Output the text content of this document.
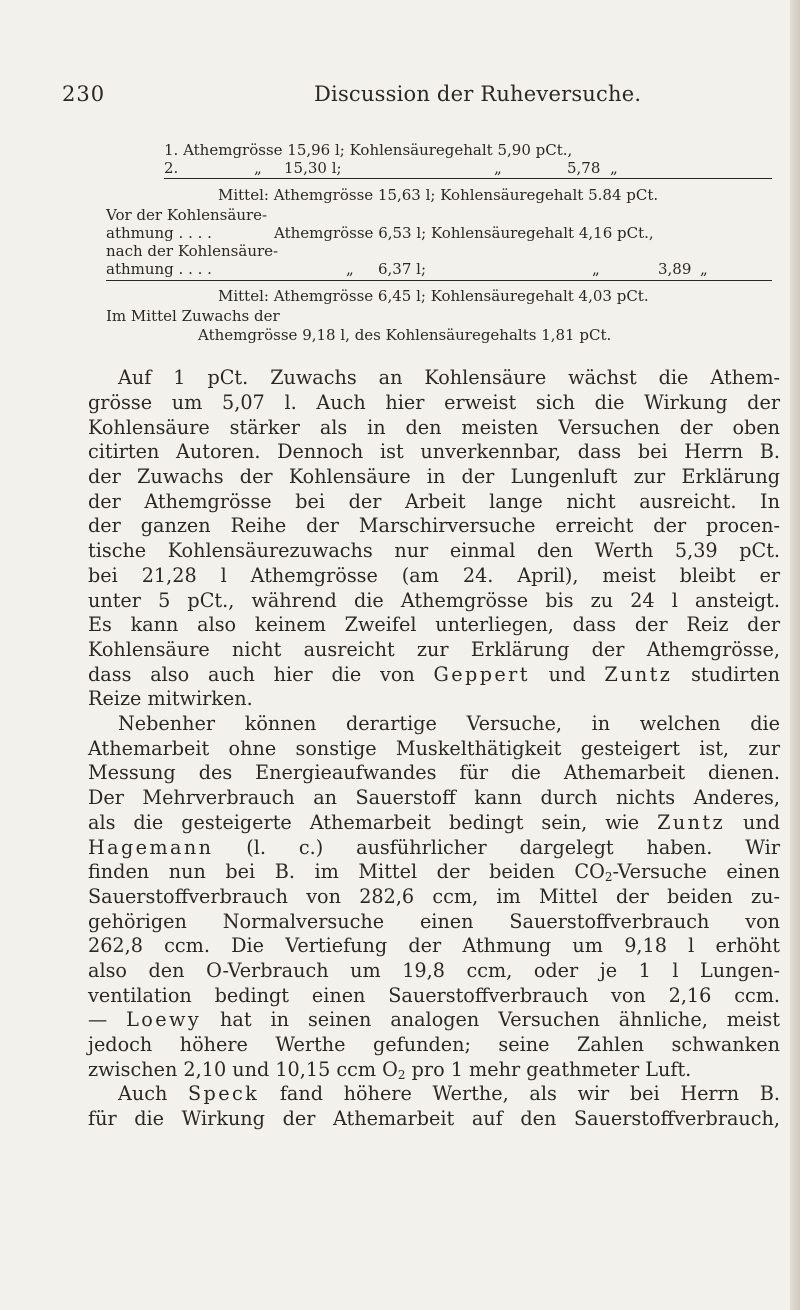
230	Discussion der Ruheversuche.
1. Athemgrösse 15,96 l; Kohlensäuregehalt 5,90 pCt.,
2.	„ 15,30 l;	„	5,78 „
Mittel: Athemgrösse 15,63 l; Kohlensäuregehalt 5.84 pCt.
Vor der Kohlensäure-
athmung . . . .	Athemgrösse 6,53 l; Kohlensäuregehalt 4,16 pCt.,
nach der Kohlensäure-
athmung . . . .	„ 6,37 l;	„	3,89 „
Mittel: Athemgrösse 6,45 l; Kohlensäuregehalt 4,03 pCt.
Im Mittel Zuwachs der
Athemgrösse 9,18 l, des Kohlensäuregehalts 1,81 pCt.
Auf 1 pCt. Zuwachs an Kohlensäure wächst die Athem-
grösse um 5,07 l. Auch hier erweist sich die Wirkung der
Kohlensäure stärker als in den meisten Versuchen der oben
citirten Autoren. Dennoch ist unverkennbar, dass bei Herrn B.
der Zuwachs der Kohlensäure in der Lungenluft zur Erklärung
der Athemgrösse bei der Arbeit lange nicht ausreicht. In
der ganzen Reihe der Marschirversuche erreicht der procen-
tische Kohlensäurezuwachs nur einmal den Werth 5,39 pCt.
bei 21,28 l Athemgrösse (am 24. April), meist bleibt er
unter 5 pCt., während die Athemgrösse bis zu 24 l ansteigt.
Es kann also keinem Zweifel unterliegen, dass der Reiz der
Kohlensäure nicht ausreicht zur Erklärung der Athemgrösse,
dass also auch hier die von Geppert und Zuntz studirten
Reize mitwirken.
Nebenher können derartige Versuche, in welchen die
Athemarbeit ohne sonstige Muskelthätigkeit gesteigert ist, zur
Messung des Energieaufwandes für die Athemarbeit dienen.
Der Mehrverbrauch an Sauerstoff kann durch nichts Anderes,
als die gesteigerte Athemarbeit bedingt sein, wie Zuntz und
Hagemann (l. c.) ausführlicher dargelegt haben. Wir
finden nun bei B. im Mittel der beiden $CO_2$-Versuche einen
Sauerstoffverbrauch von 282,6 ccm, im Mittel der beiden zu-
gehörigen Normalversuche einen Sauerstoffverbrauch von
262,8 ccm. Die Vertiefung der Athmung um 9,18 l erhöht
also den O-Verbrauch um 19,8 ccm, oder je 1 l Lungen-
ventilation bedingt einen Sauerstoffverbrauch von 2,16 ccm.
— Loewy hat in seinen analogen Versuchen ähnliche, meist
jedoch höhere Werthe gefunden; seine Zahlen schwanken
zwischen 2,10 und 10,15 ccm $O_2$ pro 1 mehr geathmeter Luft.
Auch Speck fand höhere Werthe, als wir bei Herrn B.
für die Wirkung der Athemarbeit auf den Sauerstoffverbrauch,
